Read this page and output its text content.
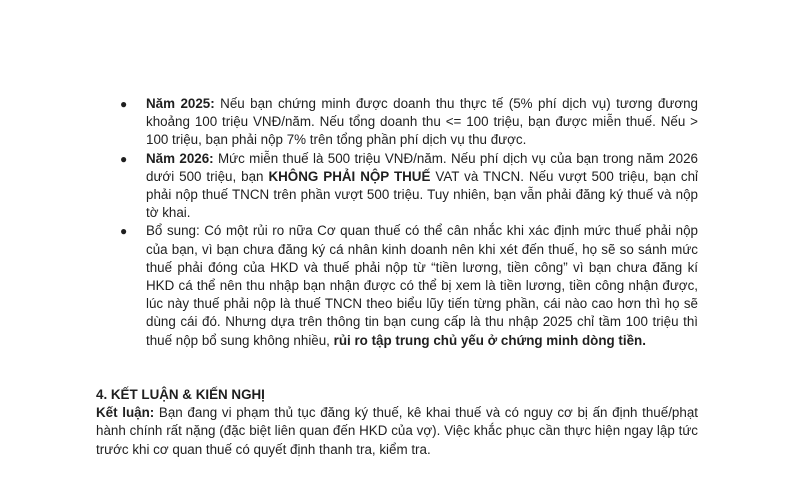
● Năm 2025: Nếu bạn chứng minh được doanh thu thực tế (5% phí dịch vụ) tương đương khoảng 100 triệu VNĐ/năm. Nếu tổng doanh thu <= 100 triệu, bạn được miễn thuế. Nếu > 100 triệu, bạn phải nộp 7% trên tổng phần phí dịch vụ thu được.
● Năm 2026: Mức miễn thuế là 500 triệu VNĐ/năm. Nếu phí dịch vụ của bạn trong năm 2026 dưới 500 triệu, bạn KHÔNG PHẢI NỘP THUẾ VAT và TNCN. Nếu vượt 500 triệu, bạn chỉ phải nộp thuế TNCN trên phần vượt 500 triệu. Tuy nhiên, bạn vẫn phải đăng ký thuế và nộp tờ khai.
● Bổ sung: Có một rủi ro nữa Cơ quan thuế có thể cân nhắc khi xác định mức thuế phải nộp của bạn, vì bạn chưa đăng ký cá nhân kinh doanh nên khi xét đến thuế, họ sẽ so sánh mức thuế phải đóng của HKD và thuế phải nộp từ “tiền lương, tiền công” vì bạn chưa đăng kí HKD cá thể nên thu nhập bạn nhận được có thể bị xem là tiền lương, tiền công nhận được, lúc này thuế phải nộp là thuế TNCN theo biểu lũy tiến từng phần, cái nào cao hơn thì họ sẽ dùng cái đó. Nhưng dựa trên thông tin bạn cung cấp là thu nhập 2025 chỉ tầm 100 triệu thì thuế nộp bổ sung không nhiều, rủi ro tập trung chủ yếu ở chứng minh dòng tiền.

4. KẾT LUẬN & KIẾN NGHỊ

Kết luận: Bạn đang vi phạm thủ tục đăng ký thuế, kê khai thuế và có nguy cơ bị ấn định thuế/phạt hành chính rất nặng (đặc biệt liên quan đến HKD của vợ). Việc khắc phục cần thực hiện ngay lập tức trước khi cơ quan thuế có quyết định thanh tra, kiểm tra.
